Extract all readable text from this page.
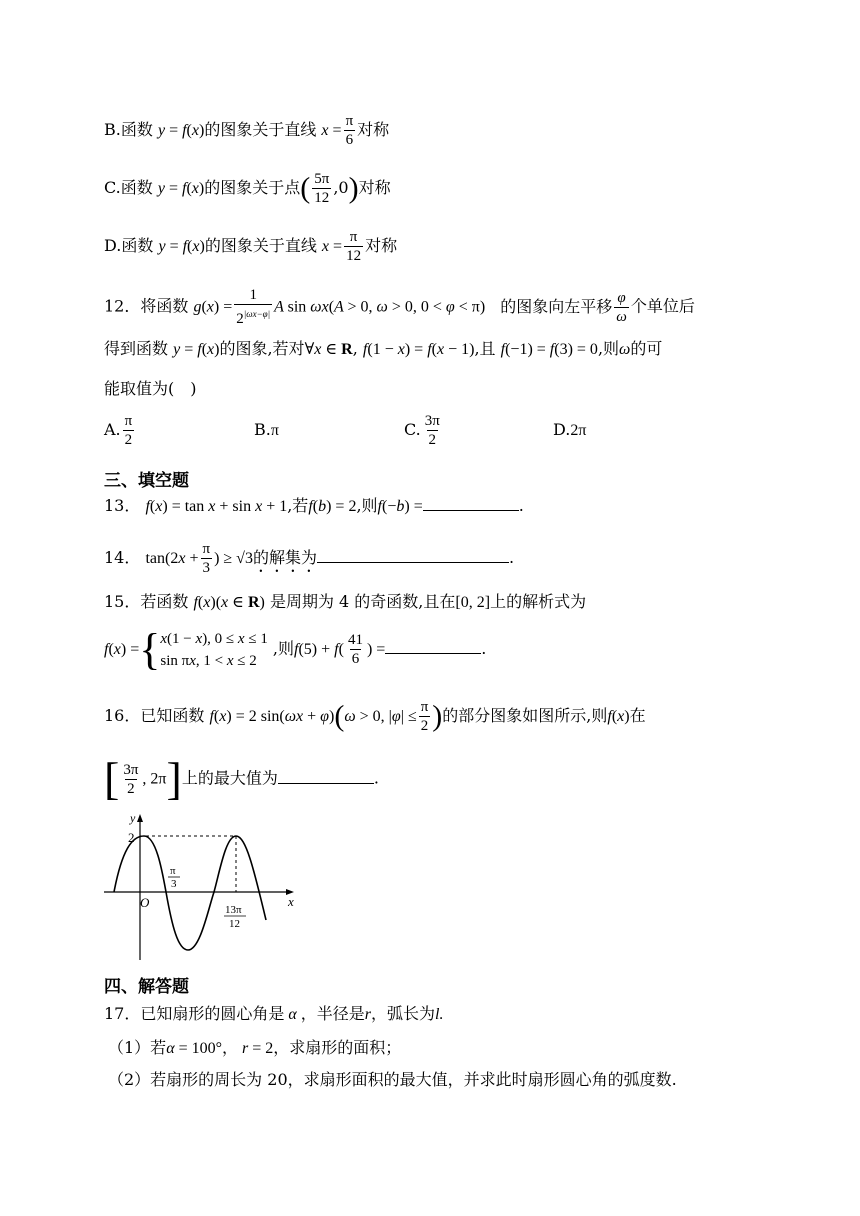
B.函数 y = f(x)的图象关于直线 $x = \frac{\pi}{6}$ 对称
C.函数 y = f(x)的图象关于点( $\frac{5\pi}{12} ,0$)对称
D.函数 y = f(x)的图象关于直线 $x = \frac{\pi}{12}$ 对称
12．将函数 $g(x) = \frac{1}{2^{|\omega x-\varphi|}}$ A sin ωx(A > 0, ω > 0, 0 < φ < π) 的图象向左平移 $\frac{\varphi}{\omega}$ 个单位后
得到函数 y = f(x)的图象,若对∀x ∈ R, f(1 − x) = f(x − 1),且 f(−1) = f(3) = 0,则ω的可
能取值为(　)
A. $\frac{\pi}{2}$	B.π	C. $\frac{3\pi}{2}$	D.2π
三、填空题
13． f(x) = tan x + sin x + 1,若f(b) = 2,则f(−b) =	.
14． $\tan(2x + \frac{\pi}{3}$ ) ≥ √3的解集为	.
15．若函数 f(x)(x ∈ R) 是周期为 4 的奇函数,且在[0, 2]上的解析式为
f(x) ={ x(1 − x), 0 ≤ x ≤ 1
sin πx, 1 < x ≤ 2
,则$f(5) + f( \frac{41}{6}$ ) =	.
16．已知函数 f(x) = 2 sin(ωx + φ)(ω > 0, $|\varphi| \le \frac{\pi}{2}$ )的部分图象如图所示,则f(x)在
[ $\frac{3\pi}{2}$ , 2π]上的最大值为	.
y
x
2
O
π
3
13π
12
四、解答题
17．已知扇形的圆心角是 α ，半径是r，弧长为l.
（1）若α = 100°， r = 2，求扇形的面积；
（2）若扇形的周长为 20，求扇形面积的最大值，并求此时扇形圆心角的弧度数.
